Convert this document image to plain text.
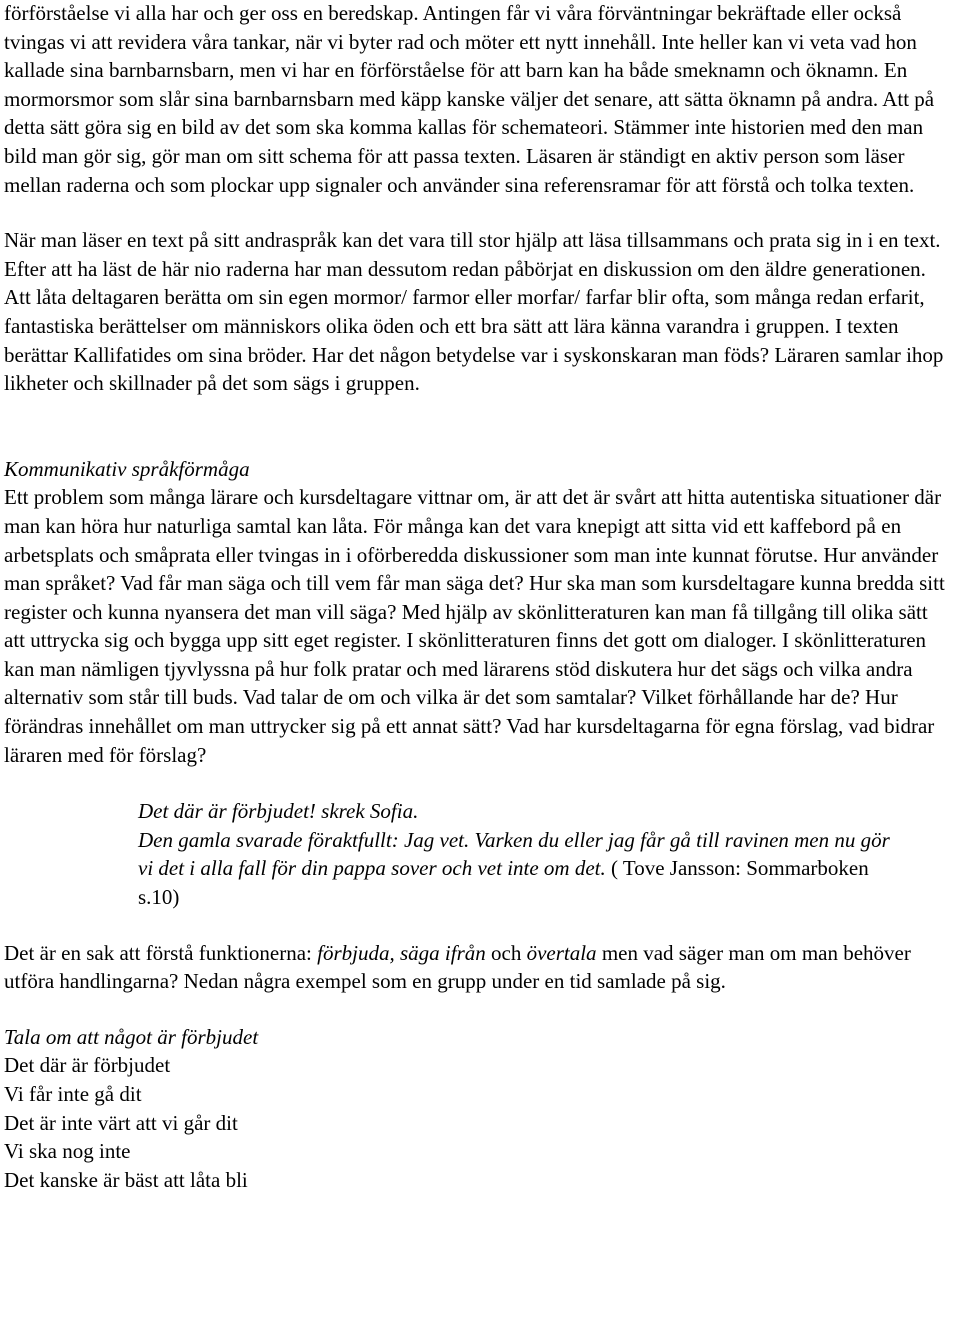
förförståelse vi alla har och ger oss en beredskap. Antingen får vi våra förväntningar bekräftade eller också tvingas vi att revidera våra tankar, när vi byter rad och möter ett nytt innehåll. Inte heller kan vi veta vad hon kallade sina barnbarnsbarn, men vi har en förförståelse för att barn kan ha både smeknamn och öknamn. En mormorsmor som slår sina barnbarnsbarn med käpp kanske väljer det senare, att sätta öknamn på andra. Att på detta sätt göra sig en bild av det som ska komma kallas för schemateori. Stämmer inte historien med den man bild man gör sig, gör man om sitt schema för att passa texten. Läsaren är ständigt en aktiv person som läser mellan raderna och som plockar upp signaler och använder sina referensramar för att förstå och tolka texten.

När man läser en text på sitt andraspråk kan det vara till stor hjälp att läsa tillsammans och prata sig in i en text. Efter att ha läst de här nio raderna har man dessutom redan påbörjat en diskussion om den äldre generationen. Att låta deltagaren berätta om sin egen mormor/ farmor eller morfar/ farfar blir ofta, som många redan erfarit, fantastiska berättelser om människors olika öden och ett bra sätt att lära känna varandra i gruppen. I texten berättar Kallifatides om sina bröder. Har det någon betydelse var i syskonskaran man föds? Läraren samlar ihop likheter och skillnader på det som sägs i gruppen.

Kommunikativ språkförmåga

Ett problem som många lärare och kursdeltagare vittnar om, är att det är svårt att hitta autentiska situationer där man kan höra hur naturliga samtal kan låta. För många kan det vara knepigt att sitta vid ett kaffebord på en arbetsplats och småprata eller tvingas in i oförberedda diskussioner som man inte kunnat förutse. Hur använder man språket? Vad får man säga och till vem får man säga det? Hur ska man som kursdeltagare kunna bredda sitt register och kunna nyansera det man vill säga? Med hjälp av skönlitteraturen kan man få tillgång till olika sätt att uttrycka sig och bygga upp sitt eget register. I skönlitteraturen finns det gott om dialoger. I skönlitteraturen kan man nämligen tjyvlyssna på hur folk pratar och med lärarens stöd diskutera hur det sägs och vilka andra alternativ som står till buds. Vad talar de om och vilka är det som samtalar? Vilket förhållande har de? Hur förändras innehållet om man uttrycker sig på ett annat sätt? Vad har kursdeltagarna för egna förslag, vad bidrar läraren med för förslag?

Det där är förbjudet! skrek Sofia.
Den gamla svarade föraktfullt: Jag vet. Varken du eller jag får gå till ravinen men nu gör vi det i alla fall för din pappa sover och vet inte om det. ( Tove Jansson: Sommarboken s.10)

Det är en sak att förstå funktionerna: förbjuda, säga ifrån och övertala men vad säger man om man behöver utföra handlingarna? Nedan några exempel som en grupp under en tid samlade på sig.

Tala om att något är förbjudet

Det där är förbjudet

Vi får inte gå dit

Det är inte värt att vi går dit

Vi ska nog inte

Det kanske är bäst att låta bli
